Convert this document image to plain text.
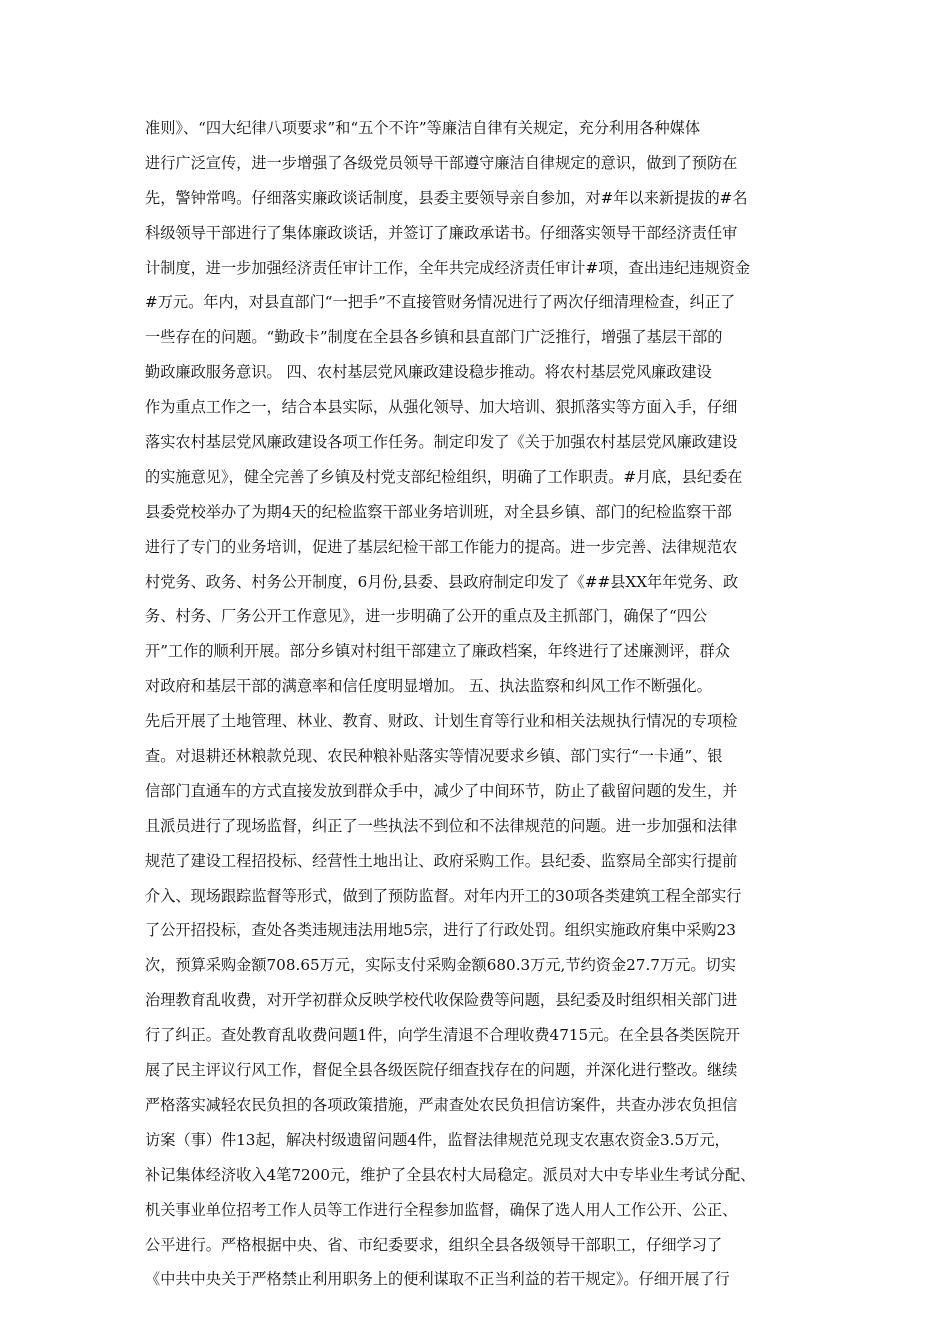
准则》、“四大纪律八项要求”和“五个不许”等廉洁自律有关规定，充分利用各种媒体
进行广泛宣传，进一步增强了各级党员领导干部遵守廉洁自律规定的意识，做到了预防在
先，警钟常鸣。仔细落实廉政谈话制度，县委主要领导亲自参加，对#年以来新提拔的#名
科级领导干部进行了集体廉政谈话，并签订了廉政承诺书。仔细落实领导干部经济责任审
计制度，进一步加强经济责任审计工作，全年共完成经济责任审计#项，查出违纪违规资金
#万元。年内，对县直部门“一把手”不直接管财务情况进行了两次仔细清理检查，纠正了
一些存在的问题。“勤政卡”制度在全县各乡镇和县直部门广泛推行，增强了基层干部的
勤政廉政服务意识。 四、农村基层党风廉政建设稳步推动。将农村基层党风廉政建设
作为重点工作之一，结合本县实际，从强化领导、加大培训、狠抓落实等方面入手，仔细
落实农村基层党风廉政建设各项工作任务。制定印发了《关于加强农村基层党风廉政建设
的实施意见》，健全完善了乡镇及村党支部纪检组织，明确了工作职责。#月底，县纪委在
县委党校举办了为期4天的纪检监察干部业务培训班，对全县乡镇、部门的纪检监察干部
进行了专门的业务培训，促进了基层纪检干部工作能力的提高。进一步完善、法律规范农
村党务、政务、村务公开制度，6月份,县委、县政府制定印发了《##县XX年年党务、政
务、村务、厂务公开工作意见》，进一步明确了公开的重点及主抓部门，确保了“四公
开”工作的顺利开展。部分乡镇对村组干部建立了廉政档案，年终进行了述廉测评，群众
对政府和基层干部的满意率和信任度明显增加。 五、执法监察和纠风工作不断强化。
先后开展了土地管理、林业、教育、财政、计划生育等行业和相关法规执行情况的专项检
查。对退耕还林粮款兑现、农民种粮补贴落实等情况要求乡镇、部门实行“一卡通”、银
信部门直通车的方式直接发放到群众手中，减少了中间环节，防止了截留问题的发生，并
且派员进行了现场监督，纠正了一些执法不到位和不法律规范的问题。进一步加强和法律
规范了建设工程招投标、经营性土地出让、政府采购工作。县纪委、监察局全部实行提前
介入、现场跟踪监督等形式，做到了预防监督。对年内开工的30项各类建筑工程全部实行
了公开招投标，查处各类违规违法用地5宗，进行了行政处罚。组织实施政府集中采购23
次，预算采购金额708.65万元，实际支付采购金额680.3万元,节约资金27.7万元。切实
治理教育乱收费，对开学初群众反映学校代收保险费等问题，县纪委及时组织相关部门进
行了纠正。查处教育乱收费问题1件，向学生清退不合理收费4715元。在全县各类医院开
展了民主评议行风工作，督促全县各级医院仔细查找存在的问题，并深化进行整改。继续
严格落实减轻农民负担的各项政策措施，严肃查处农民负担信访案件，共查办涉农负担信
访案（事）件13起，解决村级遗留问题4件，监督法律规范兑现支农惠农资金3.5万元，
补记集体经济收入4笔7200元，维护了全县农村大局稳定。派员对大中专毕业生考试分配、
机关事业单位招考工作人员等工作进行全程参加监督，确保了选人用人工作公开、公正、
公平进行。严格根据中央、省、市纪委要求，组织全县各级领导干部职工，仔细学习了
《中共中央关于严格禁止利用职务上的便利谋取不正当利益的若干规定》。仔细开展了行
